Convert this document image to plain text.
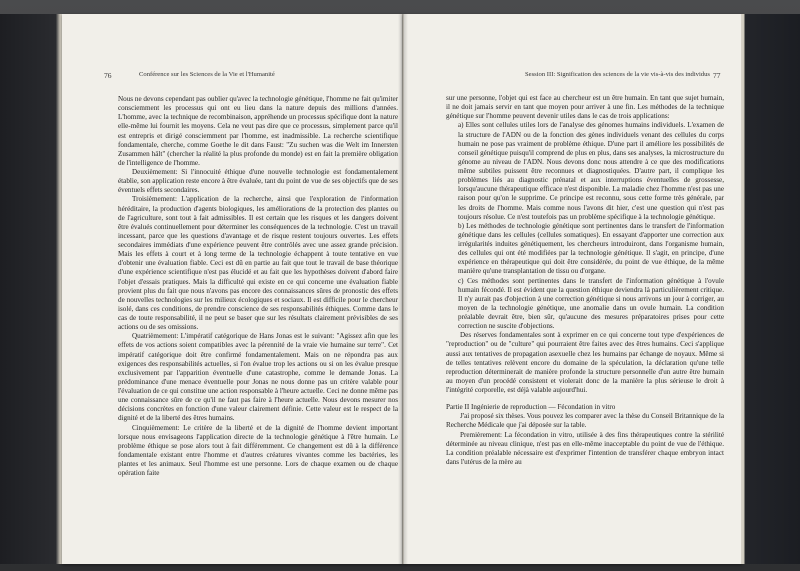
76	Conférence sur les Sciences de la Vie et l'Humanité

Nous ne devons cependant pas oublier qu'avec la technologie génétique, l'homme ne fait qu'imiter consciemment les processus qui ont eu lieu dans la nature depuis des millions d'années. L'homme, avec la technique de recombinaison, appréhende un processus spécifique dont la nature elle-même lui fournit les moyens. Cela ne veut pas dire que ce processus, simplement parce qu'il est entrepris et dirigé consciemment par l'homme, est inadmissible. La recherche scientifique fondamentale, cherche, comme Goethe le dit dans Faust: "Zu suchen was die Welt im Innersten Zusammen hält" (chercher la réalité la plus profonde du monde) est en fait la première obligation de l'intelligence de l'homme.

Deuxièmement: Si l'innocuité éthique d'une nouvelle technologie est fondamentalement établie, son application reste encore à être évaluée, tant du point de vue de ses objectifs que de ses éventuels effets secondaires.

Troisièmement: L'application de la recherche, ainsi que l'exploration de l'information héréditaire, la production d'agents biologiques, les améliorations de la protection des plantes ou de l'agriculture, sont tout à fait admissibles. Il est certain que les risques et les dangers doivent être évalués continuellement pour déterminer les conséquences de la technologie. C'est un travail incessant, parce que les questions d'avantage et de risque restent toujours ouvertes. Les effets secondaires immédiats d'une expérience peuvent être contrôlés avec une assez grande précision. Mais les effets à court et à long terme de la technologie échappent à toute tentative en vue d'obtenir une évaluation fiable. Ceci est dû en partie au fait que tout le travail de base théorique d'une expérience scientifique n'est pas élucidé et au fait que les hypothèses doivent d'abord faire l'objet d'essais pratiques. Mais la difficulté qui existe en ce qui concerne une évaluation fiable provient plus du fait que nous n'avons pas encore des connaissances sûres de pronostic des effets de nouvelles technologies sur les milieux écologiques et sociaux. Il est difficile pour le chercheur isolé, dans ces conditions, de prendre conscience de ses responsabilités éthiques. Comme dans le cas de toute responsabilité, il ne peut se baser que sur les résultats clairement prévisibles de ses actions ou de ses omissions.

Quatrièmement: L'impératif catégorique de Hans Jonas est le suivant: "Agissez afin que les effets de vos actions soient compatibles avec la pérennité de la vraie vie humaine sur terre". Cet impératif catégorique doit être confirmé fondamentalement. Mais on ne répondra pas aux exigences des responsabilités actuelles, si l'on évalue trop les actions ou si on les évalue presque exclusivement par l'apparition éventuelle d'une catastrophe, comme le demande Jonas. La prédominance d'une menace éventuelle pour Jonas ne nous donne pas un critère valable pour l'évaluation de ce qui constitue une action responsable à l'heure actuelle. Ceci ne donne même pas une connaissance sûre de ce qu'il ne faut pas faire à l'heure actuelle. Nous devons mesurer nos décisions concrètes en fonction d'une valeur clairement définie. Cette valeur est le respect de la dignité et de la liberté des êtres humains.

Cinquièmement: Le critère de la liberté et de la dignité de l'homme devient important lorsque nous envisageons l'application directe de la technologie génétique à l'être humain. Le problème éthique se pose alors tout à fait différemment. Ce changement est dû à la différence fondamentale existant entre l'homme et d'autres créatures vivantes comme les bactéries, les plantes et les animaux. Seul l'homme est une personne. Lors de chaque examen ou de chaque opération faite

Session III: Signification des sciences de la vie vis-à-vis des individus 77

sur une personne, l'objet qui est face au chercheur est un être humain. En tant que sujet humain, il ne doit jamais servir en tant que moyen pour arriver à une fin. Les méthodes de la technique génétique sur l'homme peuvent devenir utiles dans le cas de trois applications:

a) Elles sont cellules utiles lors de l'analyse des génomes humains individuels. L'examen de la structure de l'ADN ou de la fonction des gènes individuels venant des cellules du corps humain ne pose pas vraiment de problème éthique. D'une part il améliore les possibilités de conseil génétique puisqu'il comprend de plus en plus, dans ses analyses, la microstructure du génome au niveau de l'ADN. Nous devons donc nous attendre à ce que des modifications même subtiles puissent être reconnues et diagnostiquées. D'autre part, il complique les problèmes liés au diagnostic prénatal et aux interruptions éventuelles de grossesse, lorsqu'aucune thérapeutique efficace n'est disponible. La maladie chez l'homme n'est pas une raison pour qu'on le supprime. Ce principe est reconnu, sous cette forme très générale, par les droits de l'homme. Mais comme nous l'avons dit hier, c'est une question qui n'est pas toujours résolue. Ce n'est toutefois pas un problème spécifique à la technologie génétique.

b) Les méthodes de technologie génétique sont pertinentes dans le transfert de l'information génétique dans les cellules (cellules somatiques). En essayant d'apporter une correction aux irrégularités induites génétiquement, les chercheurs introduiront, dans l'organisme humain, des cellules qui ont été modifiées par la technologie génétique. Il s'agit, en principe, d'une expérience en thérapeutique qui doit être considérée, du point de vue éthique, de la même manière qu'une transplantation de tissu ou d'organe.

c) Ces méthodes sont pertinentes dans le transfert de l'information génétique à l'ovule humain fécondé. Il est évident que la question éthique deviendra là particulièrement critique. Il n'y aurait pas d'objection à une correction génétique si nous arrivons un jour à corriger, au moyen de la technologie génétique, une anomalie dans un ovule humain. La condition préalable devrait être, bien sûr, qu'aucune des mesures préparatoires prises pour cette correction ne suscite d'objections.

Des réserves fondamentales sont à exprimer en ce qui concerne tout type d'expériences de "reproduction" ou de "culture" qui pourraient être faites avec des êtres humains. Ceci s'applique aussi aux tentatives de propagation asexuelle chez les humains par échange de noyaux. Même si de telles tentatives relèvent encore du domaine de la spéculation, la déclaration qu'une telle reproduction déterminerait de manière profonde la structure personnelle d'un autre être humain au moyen d'un procédé consistent et violerait donc de la manière la plus sérieuse le droit à l'intégrité corporelle, est déjà valable aujourd'hui.

Partie II Ingénierie de reproduction — Fécondation in vitro

J'ai proposé six thèses. Vous pouvez les comparer avec la thèse du Conseil Britannique de la Recherche Médicale que j'ai déposée sur la table.

Premièrement: La fécondation in vitro, utilisée à des fins thérapeutiques contre la stérilité déterminée au niveau clinique, n'est pas en elle-même inacceptable du point de vue de l'éthique. La condition préalable nécessaire est d'exprimer l'intention de transférer chaque embryon intact dans l'utérus de la mère au
